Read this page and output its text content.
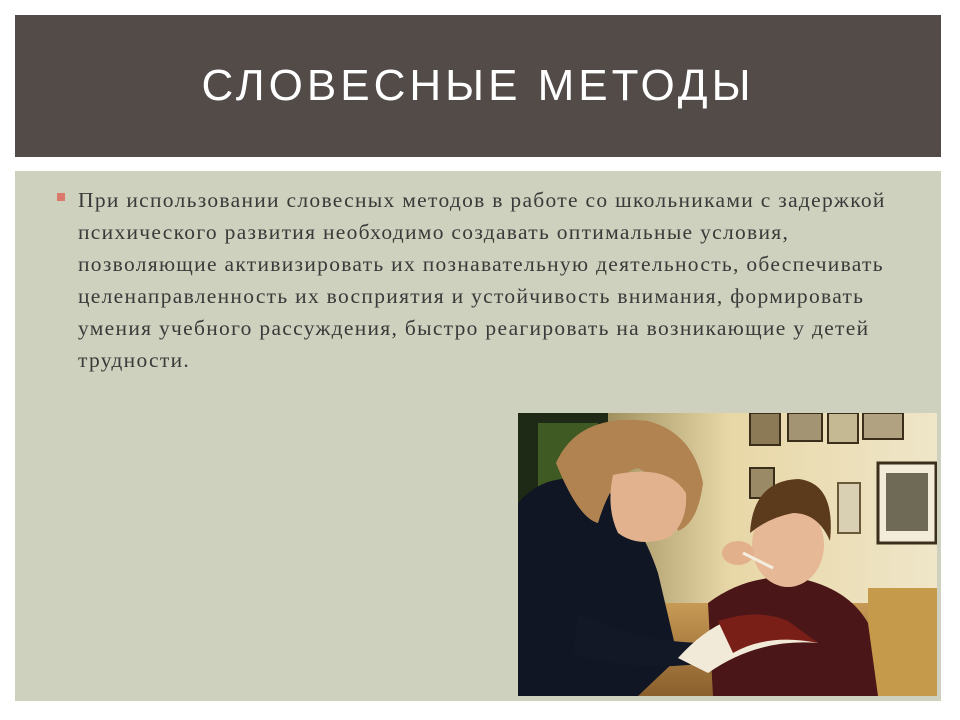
СЛОВЕСНЫЕ МЕТОДЫ
При использовании словесных методов в работе со школьниками с задержкой психического развития необходимо создавать оптимальные условия, позволяющие активизировать их познавательную деятельность, обеспечивать целенаправленность их восприятия и устойчивость внимания, формировать умения учебного рассуждения, быстро реагировать на возникающие у детей трудности.
